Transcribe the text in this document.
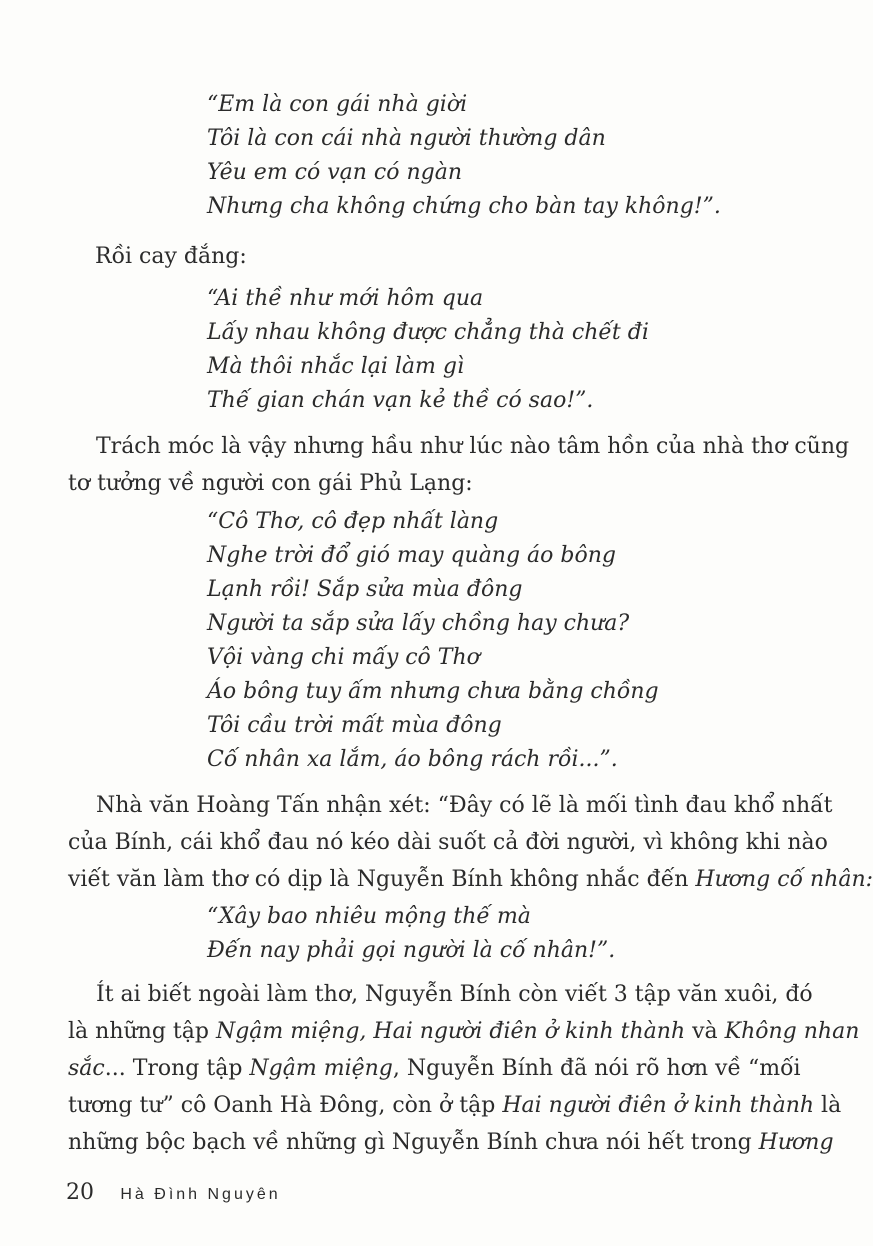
“Em là con gái nhà giời
Tôi là con cái nhà người thường dân
Yêu em có vạn có ngàn
Nhưng cha không chứng cho bàn tay không!”.

Rồi cay đắng:

“Ai thề như mới hôm qua
Lấy nhau không được chẳng thà chết đi
Mà thôi nhắc lại làm gì
Thế gian chán vạn kẻ thề có sao!”.

Trách móc là vậy nhưng hầu như lúc nào tâm hồn của nhà thơ cũng
tơ tưởng về người con gái Phủ Lạng:

“Cô Thơ, cô đẹp nhất làng
Nghe trời đổ gió may quàng áo bông
Lạnh rồi! Sắp sửa mùa đông
Người ta sắp sửa lấy chồng hay chưa?
Vội vàng chi mấy cô Thơ
Áo bông tuy ấm nhưng chưa bằng chồng
Tôi cầu trời mất mùa đông
Cố nhân xa lắm, áo bông rách rồi...”.

Nhà văn Hoàng Tấn nhận xét: “Đây có lẽ là mối tình đau khổ nhất
của Bính, cái khổ đau nó kéo dài suốt cả đời người, vì không khi nào
viết văn làm thơ có dịp là Nguyễn Bính không nhắc đến Hương cố nhân:

“Xây bao nhiêu mộng thế mà
Đến nay phải gọi người là cố nhân!”.

Ít ai biết ngoài làm thơ, Nguyễn Bính còn viết 3 tập văn xuôi, đó
là những tập Ngậm miệng, Hai người điên ở kinh thành và Không nhan
sắc... Trong tập Ngậm miệng, Nguyễn Bính đã nói rõ hơn về “mối
tương tư” cô Oanh Hà Đông, còn ở tập Hai người điên ở kinh thành là
những bộc bạch về những gì Nguyễn Bính chưa nói hết trong Hương

20 Hà Đình Nguyên
